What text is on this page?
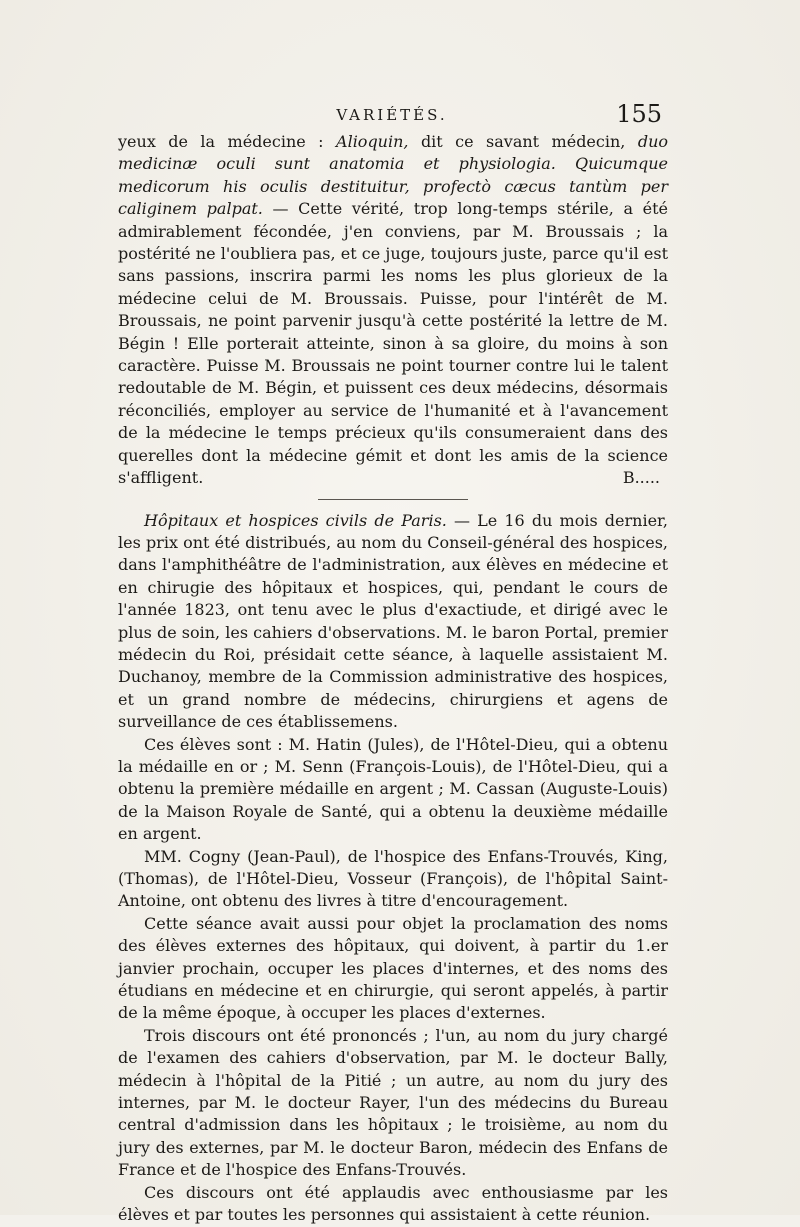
VARIÉTÉS.	155

yeux de la médecine : Alioquin, dit ce savant médecin, duo medicinæ oculi sunt anatomia et physiologia. Quicumque medicorum his oculis destituitur, profectò cæcus tantùm per caliginem palpat. — Cette vérité, trop long-temps stérile, a été admirablement fécondée, j'en conviens, par M. Broussais ; la postérité ne l'oubliera pas, et ce juge, toujours juste, parce qu'il est sans passions, inscrira parmi les noms les plus glorieux de la médecine celui de M. Broussais. Puisse, pour l'intérêt de M. Broussais, ne point parvenir jusqu'à cette postérité la lettre de M. Bégin ! Elle porterait atteinte, sinon à sa gloire, du moins à son caractère. Puisse M. Broussais ne point tourner contre lui le talent redoutable de M. Bégin, et puissent ces deux médecins, désormais réconciliés, employer au service de l'humanité et à l'avancement de la médecine le temps précieux qu'ils consumeraient dans des querelles dont la médecine gémit et dont les amis de la science s'affligent.	B.....

Hôpitaux et hospices civils de Paris. — Le 16 du mois dernier, les prix ont été distribués, au nom du Conseil-général des hospices, dans l'amphithéâtre de l'administration, aux élèves en médecine et en chirugie des hôpitaux et hospices, qui, pendant le cours de l'année 1823, ont tenu avec le plus d'exactiude, et dirigé avec le plus de soin, les cahiers d'observations. M. le baron Portal, premier médecin du Roi, présidait cette séance, à laquelle assistaient M. Duchanoy, membre de la Commission administrative des hospices, et un grand nombre de médecins, chirurgiens et agens de surveillance de ces établissemens.

Ces élèves sont : M. Hatin (Jules), de l'Hôtel-Dieu, qui a obtenu la médaille en or ; M. Senn (François-Louis), de l'Hôtel-Dieu, qui a obtenu la première médaille en argent ; M. Cassan (Auguste-Louis) de la Maison Royale de Santé, qui a obtenu la deuxième médaille en argent.

MM. Cogny (Jean-Paul), de l'hospice des Enfans-Trouvés, King, (Thomas), de l'Hôtel-Dieu, Vosseur (François), de l'hôpital Saint-Antoine, ont obtenu des livres à titre d'encouragement.

Cette séance avait aussi pour objet la proclamation des noms des élèves externes des hôpitaux, qui doivent, à partir du 1.er janvier prochain, occuper les places d'internes, et des noms des étudians en médecine et en chirurgie, qui seront appelés, à partir de la même époque, à occuper les places d'externes.

Trois discours ont été prononcés ; l'un, au nom du jury chargé de l'examen des cahiers d'observation, par M. le docteur Bally, médecin à l'hôpital de la Pitié ; un autre, au nom du jury des internes, par M. le docteur Rayer, l'un des médecins du Bureau central d'admission dans les hôpitaux ; le troisième, au nom du jury des externes, par M. le docteur Baron, médecin des Enfans de France et de l'hospice des Enfans-Trouvés.

Ces discours ont été applaudis avec enthousiasme par les élèves et par toutes les personnes qui assistaient à cette réunion.
